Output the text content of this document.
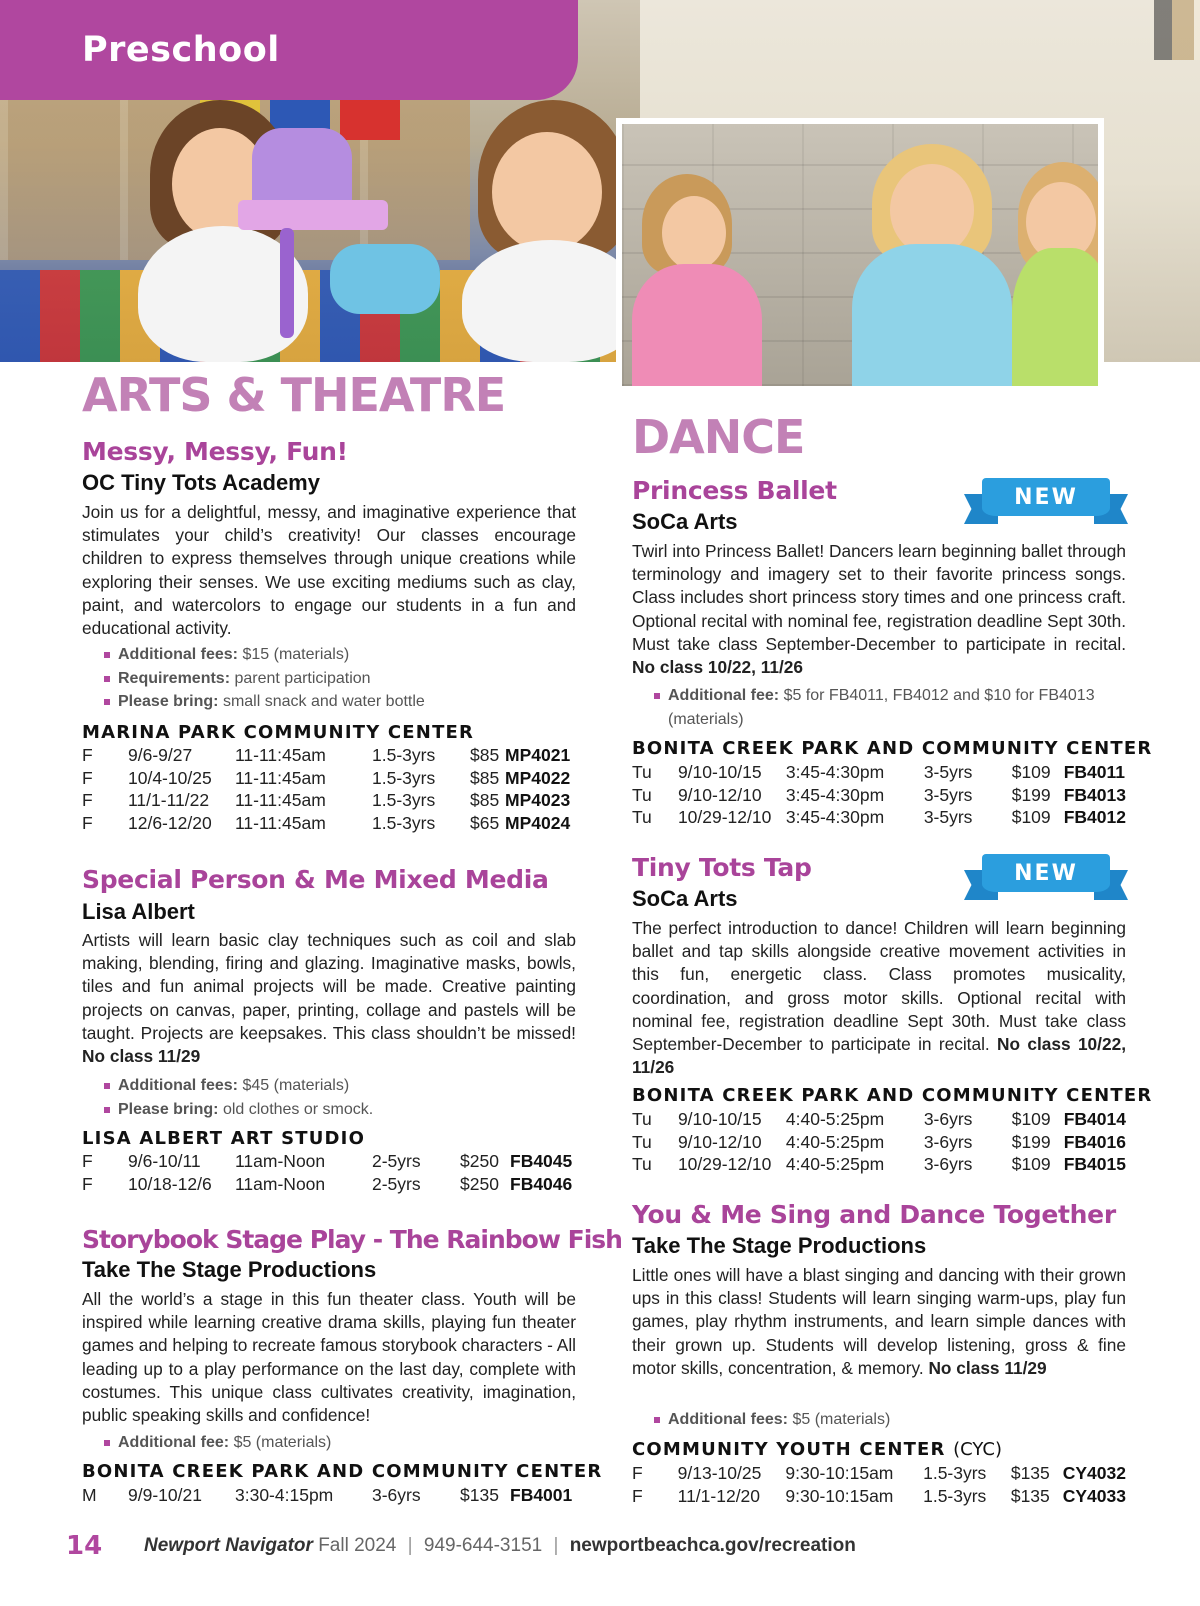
Preschool
ARTS & THEATRE
Messy, Messy, Fun!
OC Tiny Tots Academy
Join us for a delightful, messy, and imaginative experience that stimulates your child’s creativity! Our classes encourage children to express themselves through unique creations while exploring their senses. We use exciting mediums such as clay, paint, and watercolors to engage our students in a fun and educational activity.
Additional fees: $15 (materials)
Requirements: parent participation
Please bring: small snack and water bottle
MARINA PARK COMMUNITY CENTER
F	9/6-9/27	11-11:45am	1.5-3yrs	$85	MP4021
F	10/4-10/25	11-11:45am	1.5-3yrs	$85	MP4022
F	11/1-11/22	11-11:45am	1.5-3yrs	$85	MP4023
F	12/6-12/20	11-11:45am	1.5-3yrs	$65	MP4024
Special Person & Me Mixed Media
Lisa Albert
Artists will learn basic clay techniques such as coil and slab making, blending, firing and glazing. Imaginative masks, bowls, tiles and fun animal projects will be made. Creative painting projects on canvas, paper, printing, collage and pastels will be taught. Projects are keepsakes. This class shouldn’t be missed! No class 11/29
Additional fees: $45 (materials)
Please bring: old clothes or smock.
LISA ALBERT ART STUDIO
F	9/6-10/11	11am-Noon	2-5yrs	$250	FB4045
F	10/18-12/6	11am-Noon	2-5yrs	$250	FB4046
Storybook Stage Play - The Rainbow Fish
Take The Stage Productions
All the world’s a stage in this fun theater class. Youth will be inspired while learning creative drama skills, playing fun theater games and helping to recreate famous storybook characters - All leading up to a play performance on the last day, complete with costumes. This unique class cultivates creativity, imagination, public speaking skills and confidence!
Additional fee: $5 (materials)
BONITA CREEK PARK AND COMMUNITY CENTER
M	9/9-10/21	3:30-4:15pm	3-6yrs	$135	FB4001
DANCE
Princess Ballet	NEW
SoCa Arts
Twirl into Princess Ballet! Dancers learn beginning ballet through terminology and imagery set to their favorite princess songs. Class includes short princess story times and one princess craft. Optional recital with nominal fee, registration deadline Sept 30th. Must take class September-December to participate in recital. No class 10/22, 11/26
Additional fee: $5 for FB4011, FB4012 and $10 for FB4013 (materials)
BONITA CREEK PARK AND COMMUNITY CENTER
Tu	9/10-10/15	3:45-4:30pm	3-5yrs	$109	FB4011
Tu	9/10-12/10	3:45-4:30pm	3-5yrs	$199	FB4013
Tu	10/29-12/10	3:45-4:30pm	3-5yrs	$109	FB4012
Tiny Tots Tap	NEW
SoCa Arts
The perfect introduction to dance! Children will learn beginning ballet and tap skills alongside creative movement activities in this fun, energetic class. Class promotes musicality, coordination, and gross motor skills. Optional recital with nominal fee, registration deadline Sept 30th. Must take class September-December to participate in recital. No class 10/22, 11/26
BONITA CREEK PARK AND COMMUNITY CENTER
Tu	9/10-10/15	4:40-5:25pm	3-6yrs	$109	FB4014
Tu	9/10-12/10	4:40-5:25pm	3-6yrs	$199	FB4016
Tu	10/29-12/10	4:40-5:25pm	3-6yrs	$109	FB4015
You & Me Sing and Dance Together
Take The Stage Productions
Little ones will have a blast singing and dancing with their grown ups in this class! Students will learn singing warm-ups, play fun games, play rhythm instruments, and learn simple dances with their grown up. Students will develop listening, gross & fine motor skills, concentration, & memory. No class 11/29
Additional fees: $5 (materials)
COMMUNITY YOUTH CENTER (CYC)
F	9/13-10/25	9:30-10:15am	1.5-3yrs	$135	CY4032
F	11/1-12/20	9:30-10:15am	1.5-3yrs	$135	CY4033
14 Newport Navigator Fall 2024 | 949-644-3151 | newportbeachca.gov/recreation
